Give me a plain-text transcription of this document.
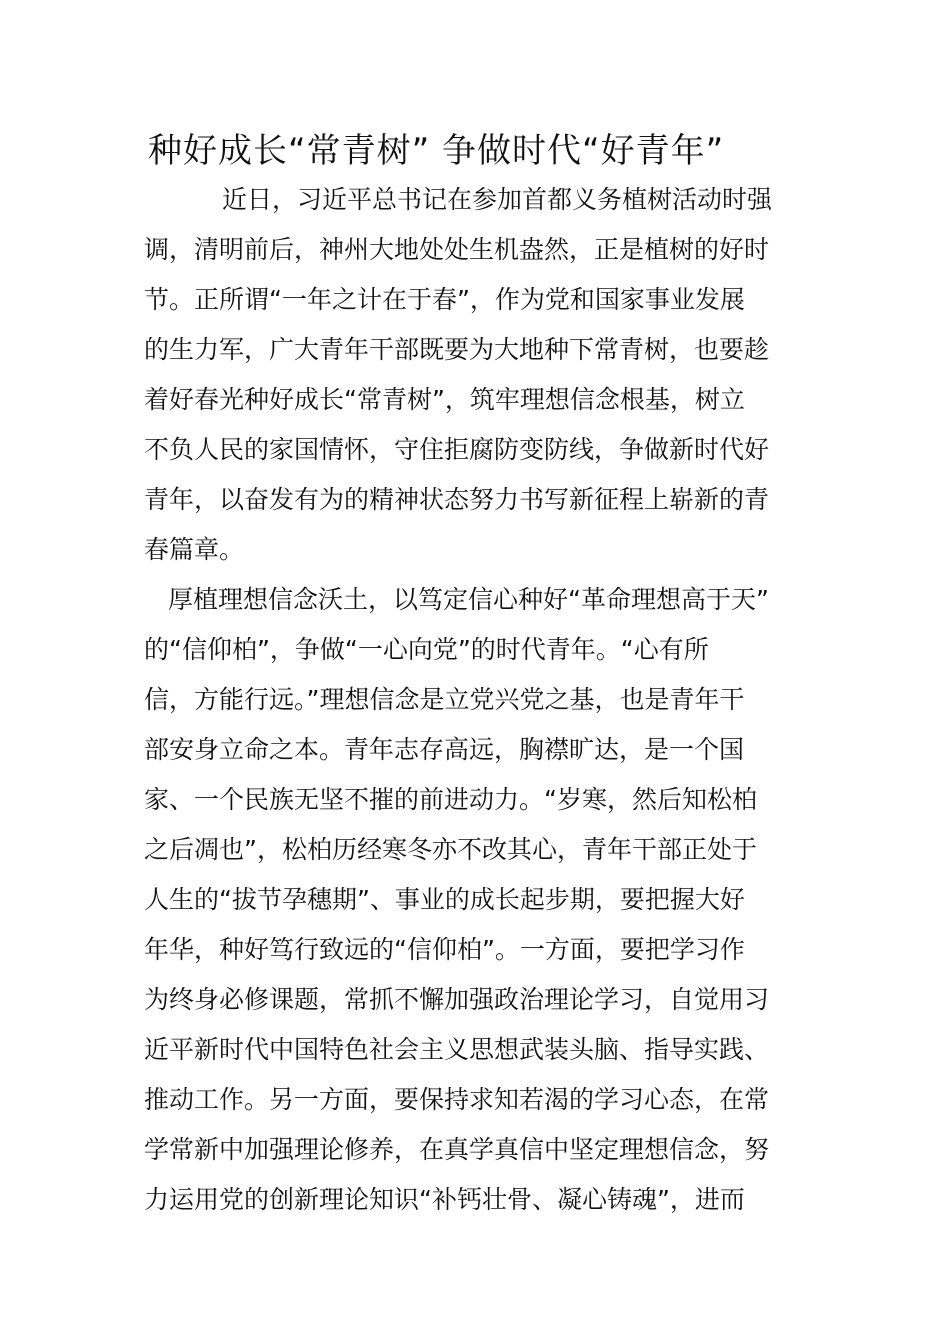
种好成长“常青树” 争做时代“好青年”

近日，习近平总书记在参加首都义务植树活动时强

调，清明前后，神州大地处处生机盎然，正是植树的好时

节。正所谓“一年之计在于春”，作为党和国家事业发展

的生力军，广大青年干部既要为大地种下常青树，也要趁

着好春光种好成长“常青树”，筑牢理想信念根基，树立

不负人民的家国情怀，守住拒腐防变防线，争做新时代好

青年，以奋发有为的精神状态努力书写新征程上崭新的青

春篇章。

厚植理想信念沃土，以笃定信心种好“革命理想高于天”

的“信仰柏”，争做“一心向党”的时代青年。“心有所

信，方能行远。”理想信念是立党兴党之基，也是青年干

部安身立命之本。青年志存高远，胸襟旷达，是一个国

家、一个民族无坚不摧的前进动力。“岁寒，然后知松柏

之后凋也”，松柏历经寒冬亦不改其心，青年干部正处于

人生的“拔节孕穗期”、事业的成长起步期，要把握大好

年华，种好笃行致远的“信仰柏”。一方面，要把学习作

为终身必修课题，常抓不懈加强政治理论学习，自觉用习

近平新时代中国特色社会主义思想武装头脑、指导实践、

推动工作。另一方面，要保持求知若渴的学习心态，在常

学常新中加强理论修养，在真学真信中坚定理想信念，努

力运用党的创新理论知识“补钙壮骨、凝心铸魂”，进而
